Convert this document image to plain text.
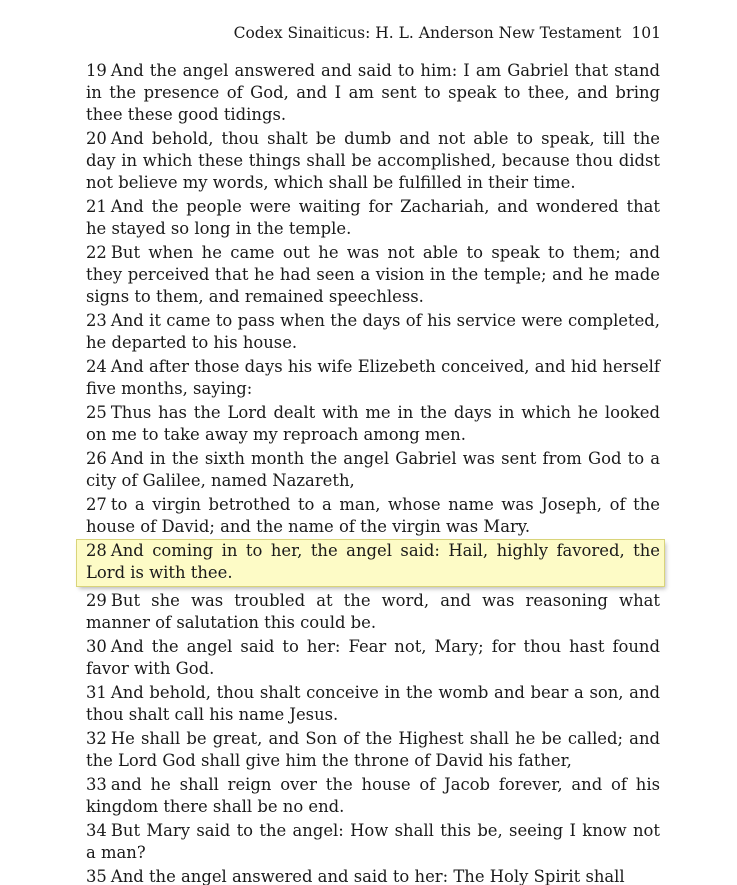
Codex Sinaiticus: H. L. Anderson New Testament 101

19 And the angel answered and said to him: I am Gabriel that stand in the presence of God, and I am sent to speak to thee, and bring thee these good tidings.

20 And behold, thou shalt be dumb and not able to speak, till the day in which these things shall be accomplished, because thou didst not believe my words, which shall be fulfilled in their time.

21 And the people were waiting for Zachariah, and wondered that he stayed so long in the temple.

22 But when he came out he was not able to speak to them; and they perceived that he had seen a vision in the temple; and he made signs to them, and remained speechless.

23 And it came to pass when the days of his service were completed, he departed to his house.

24 And after those days his wife Elizebeth conceived, and hid herself five months, saying:

25 Thus has the Lord dealt with me in the days in which he looked on me to take away my reproach among men.

26 And in the sixth month the angel Gabriel was sent from God to a city of Galilee, named Nazareth,

27 to a virgin betrothed to a man, whose name was Joseph, of the house of David; and the name of the virgin was Mary.

28 And coming in to her, the angel said: Hail, highly favored, the Lord is with thee.

29 But she was troubled at the word, and was reasoning what manner of salutation this could be.

30 And the angel said to her: Fear not, Mary; for thou hast found favor with God.

31 And behold, thou shalt conceive in the womb and bear a son, and thou shalt call his name Jesus.

32 He shall be great, and Son of the Highest shall he be called; and the Lord God shall give him the throne of David his father,

33 and he shall reign over the house of Jacob forever, and of his kingdom there shall be no end.

34 But Mary said to the angel: How shall this be, seeing I know not a man?

35 And the angel answered and said to her: The Holy Spirit shall
